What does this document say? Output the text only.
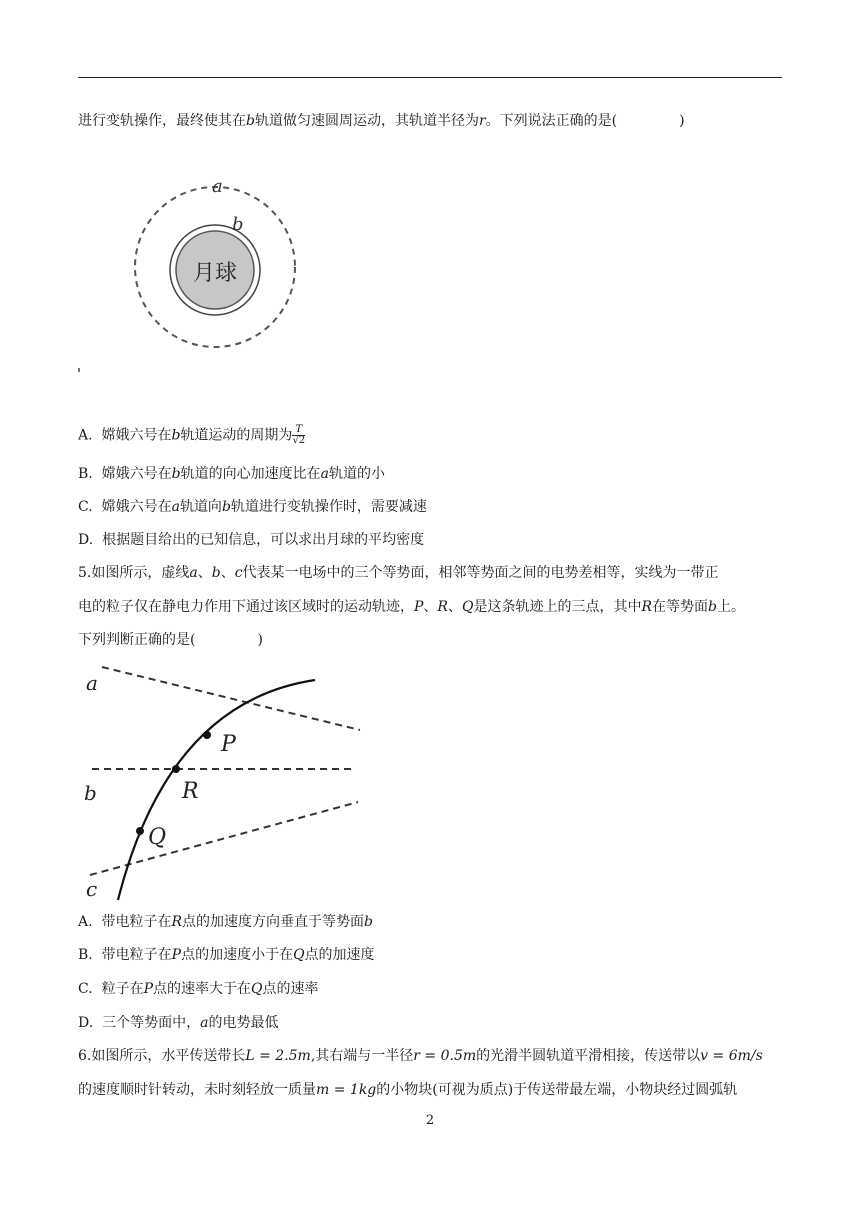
进行变轨操作，最终使其在b轨道做匀速圆周运动，其轨道半径为r。下列说法正确的是(	)
月球
a
b
A. 嫦娥六号在b轨道运动的周期为 $\frac{T}{√2}$
B. 嫦娥六号在b轨道的向心加速度比在a轨道的小
C. 嫦娥六号在a轨道向b轨道进行变轨操作时，需要减速
D. 根据题目给出的已知信息，可以求出月球的平均密度
5.如图所示，虚线a、b、c代表某一电场中的三个等势面，相邻等势面之间的电势差相等，实线为一带正
电的粒子仅在静电力作用下通过该区域时的运动轨迹，P、R、Q是这条轨迹上的三点，其中R在等势面b上。
下列判断正确的是(	)
a
b
c
P
R
Q
A. 带电粒子在R点的加速度方向垂直于等势面b
B. 带电粒子在P点的加速度小于在Q点的加速度
C. 粒子在P点的速率大于在Q点的速率
D. 三个等势面中，a的电势最低
6.如图所示，水平传送带长L = 2.5m,其右端与一半径r = 0.5m的光滑半圆轨道平滑相接，传送带以v = 6m/s
的速度顺时针转动，未时刻轻放一质量m = 1kg的小物块(可视为质点)于传送带最左端，小物块经过圆弧轨
2
